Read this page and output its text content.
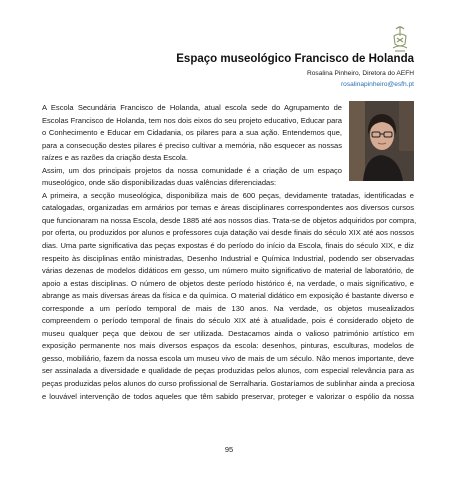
Espaço museológico Francisco de Holanda
Rosalina Pinheiro, Diretora do AEFH
rosalinapinheiro@esfh.pt
A Escola Secundária Francisco de Holanda, atual escola sede do Agrupamento de
Escolas Francisco de Holanda, tem nos dois eixos do seu projeto educativo, Educar para
o Conhecimento e Educar em Cidadania, os pilares para a sua ação. Entendemos que,
para a consecução destes pilares é preciso cultivar a memória, não esquecer as nossas
raízes e as razões da criação desta Escola.
Assim, um dos principais projetos da nossa comunidade é a criação de um espaço
museológico, onde são disponibilizadas duas valências diferenciadas:
A primeira, a secção museológica, disponibiliza mais de 600 peças, devidamente tratadas, identificadas e
catalogadas, organizadas em armários por temas e áreas disciplinares correspondentes aos diversos cursos
que funcionaram na nossa Escola, desde 1885 até aos nossos dias. Trata-se de objetos adquiridos por compra,
por oferta, ou produzidos por alunos e professores cuja datação vai desde finais do século XIX até aos nossos
dias. Uma parte significativa das peças expostas é do período do início da Escola, finais do século XIX, e diz
respeito às disciplinas então ministradas, Desenho Industrial e Química Industrial, podendo ser observadas
várias dezenas de modelos didáticos em gesso, um número muito significativo de material de laboratório, de
apoio a estas disciplinas. O número de objetos deste período histórico é, na verdade, o mais significativo, e
abrange as mais diversas áreas da física e da química. O material didático em exposição é bastante diverso e
corresponde a um período temporal de mais de 130 anos. Na verdade, os objetos musealizados
compreendem o período temporal de finais do século XIX até à atualidade, pois é considerado objeto de
museu qualquer peça que deixou de ser utilizada. Destacamos ainda o valioso património artístico em
exposição permanente nos mais diversos espaços da escola: desenhos, pinturas, esculturas, modelos de
gesso, mobiliário, fazem da nossa escola um museu vivo de mais de um século. Não menos importante, deve
ser assinalada a diversidade e qualidade de peças produzidas pelos alunos, com especial relevância para as
peças produzidas pelos alunos do curso profissional de Serralharia. Gostaríamos de sublinhar ainda a preciosa
e louvável intervenção de todos aqueles que têm sabido preservar, proteger e valorizar o espólio da nossa
95
